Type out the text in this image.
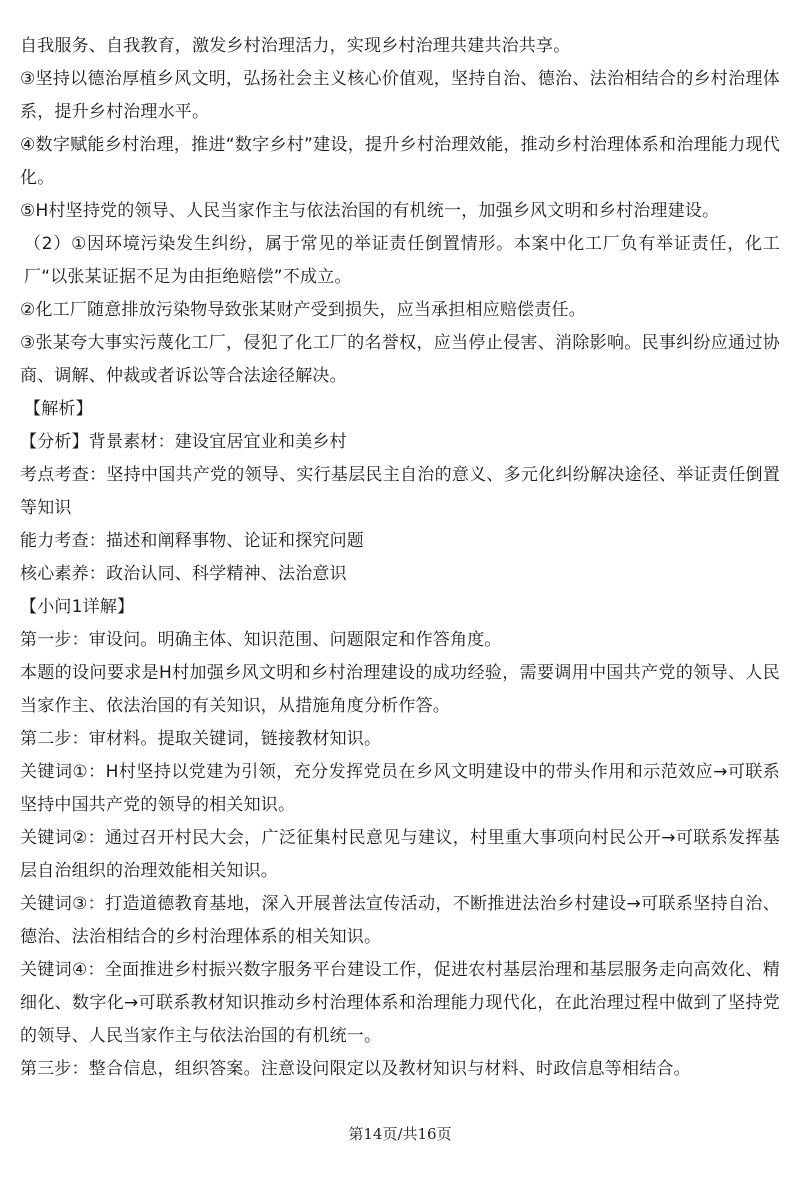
自我服务、自我教育，激发乡村治理活力，实现乡村治理共建共治共享。

③坚持以德治厚植乡风文明，弘扬社会主义核心价值观，坚持自治、德治、法治相结合的乡村治理体系，提升乡村治理水平。

④数字赋能乡村治理，推进“数字乡村”建设，提升乡村治理效能，推动乡村治理体系和治理能力现代化。

⑤H村坚持党的领导、人民当家作主与依法治国的有机统一，加强乡风文明和乡村治理建设。

（2）①因环境污染发生纠纷，属于常见的举证责任倒置情形。本案中化工厂负有举证责任，化工厂“以张某证据不足为由拒绝赔偿”不成立。

②化工厂随意排放污染物导致张某财产受到损失，应当承担相应赔偿责任。

③张某夸大事实污蔑化工厂，侵犯了化工厂的名誉权，应当停止侵害、消除影响。民事纠纷应通过协商、调解、仲裁或者诉讼等合法途径解决。

【解析】

【分析】背景素材：建设宜居宜业和美乡村

考点考查：坚持中国共产党的领导、实行基层民主自治的意义、多元化纠纷解决途径、举证责任倒置等知识

能力考查：描述和阐释事物、论证和探究问题

核心素养：政治认同、科学精神、法治意识

【小问1详解】

第一步：审设问。明确主体、知识范围、问题限定和作答角度。

本题的设问要求是H村加强乡风文明和乡村治理建设的成功经验，需要调用中国共产党的领导、人民当家作主、依法治国的有关知识，从措施角度分析作答。

第二步：审材料。提取关键词，链接教材知识。

关键词①：H村坚持以党建为引领，充分发挥党员在乡风文明建设中的带头作用和示范效应→可联系坚持中国共产党的领导的相关知识。

关键词②：通过召开村民大会，广泛征集村民意见与建议，村里重大事项向村民公开→可联系发挥基层自治组织的治理效能相关知识。

关键词③：打造道德教育基地，深入开展普法宣传活动，不断推进法治乡村建设→可联系坚持自治、德治、法治相结合的乡村治理体系的相关知识。

关键词④：全面推进乡村振兴数字服务平台建设工作，促进农村基层治理和基层服务走向高效化、精细化、数字化→可联系教材知识推动乡村治理体系和治理能力现代化，在此治理过程中做到了坚持党的领导、人民当家作主与依法治国的有机统一。

第三步：整合信息，组织答案。注意设问限定以及教材知识与材料、时政信息等相结合。

第14页/共16页
